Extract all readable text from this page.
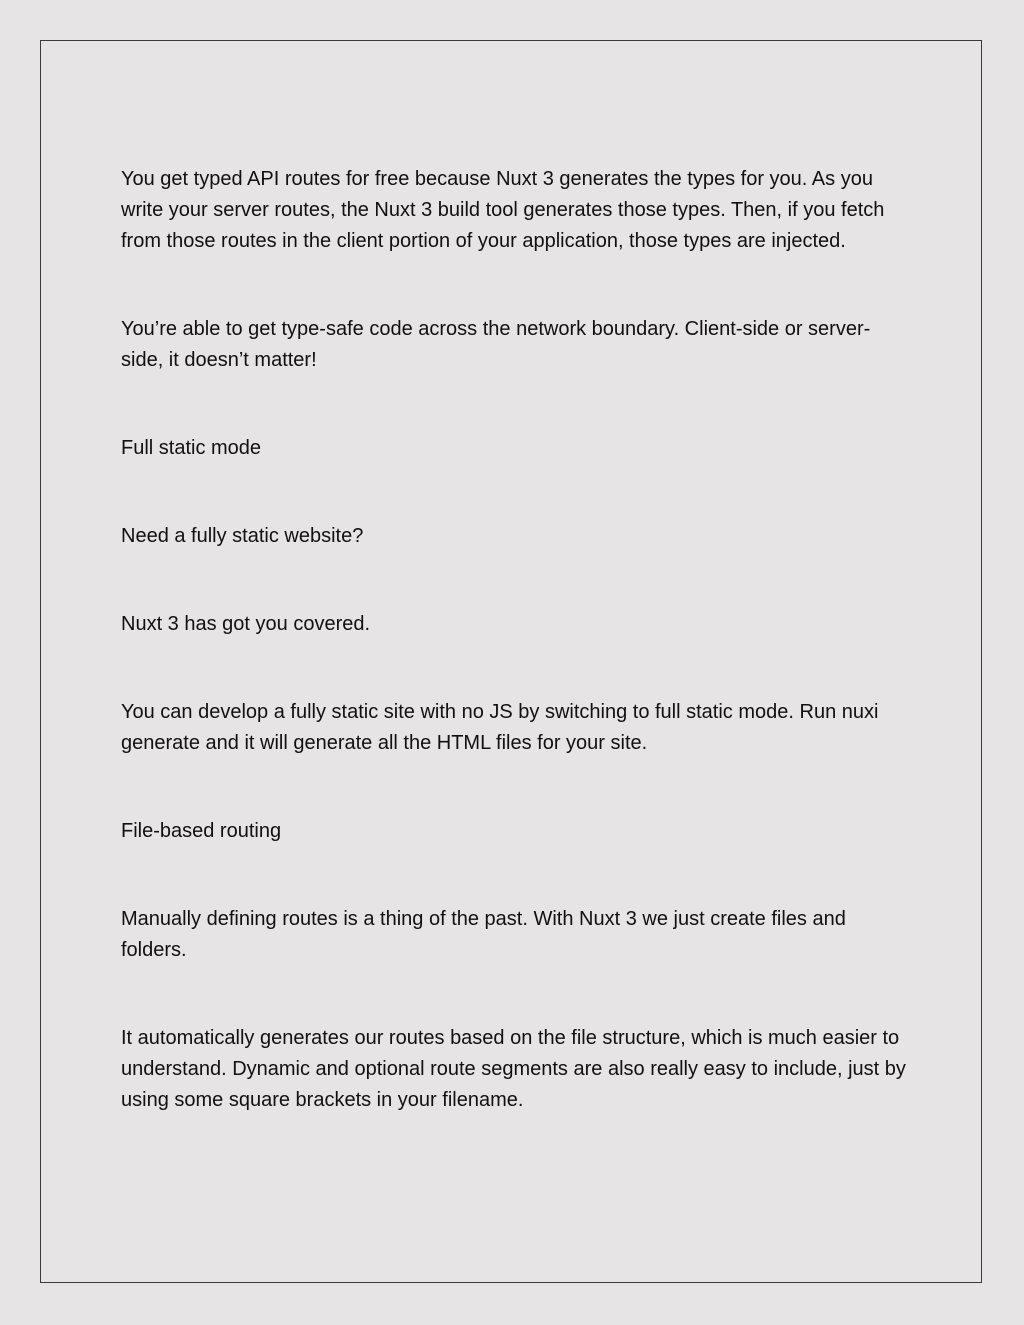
You get typed API routes for free because Nuxt 3 generates the types for you. As you write your server routes, the Nuxt 3 build tool generates those types. Then, if you fetch from those routes in the client portion of your application, those types are injected.

You’re able to get type-safe code across the network boundary. Client-side or server-side, it doesn’t matter!

Full static mode

Need a fully static website?

Nuxt 3 has got you covered.

You can develop a fully static site with no JS by switching to full static mode. Run nuxi generate and it will generate all the HTML files for your site.

File-based routing

Manually defining routes is a thing of the past. With Nuxt 3 we just create files and folders.

It automatically generates our routes based on the file structure, which is much easier to understand. Dynamic and optional route segments are also really easy to include, just by using some square brackets in your filename.
